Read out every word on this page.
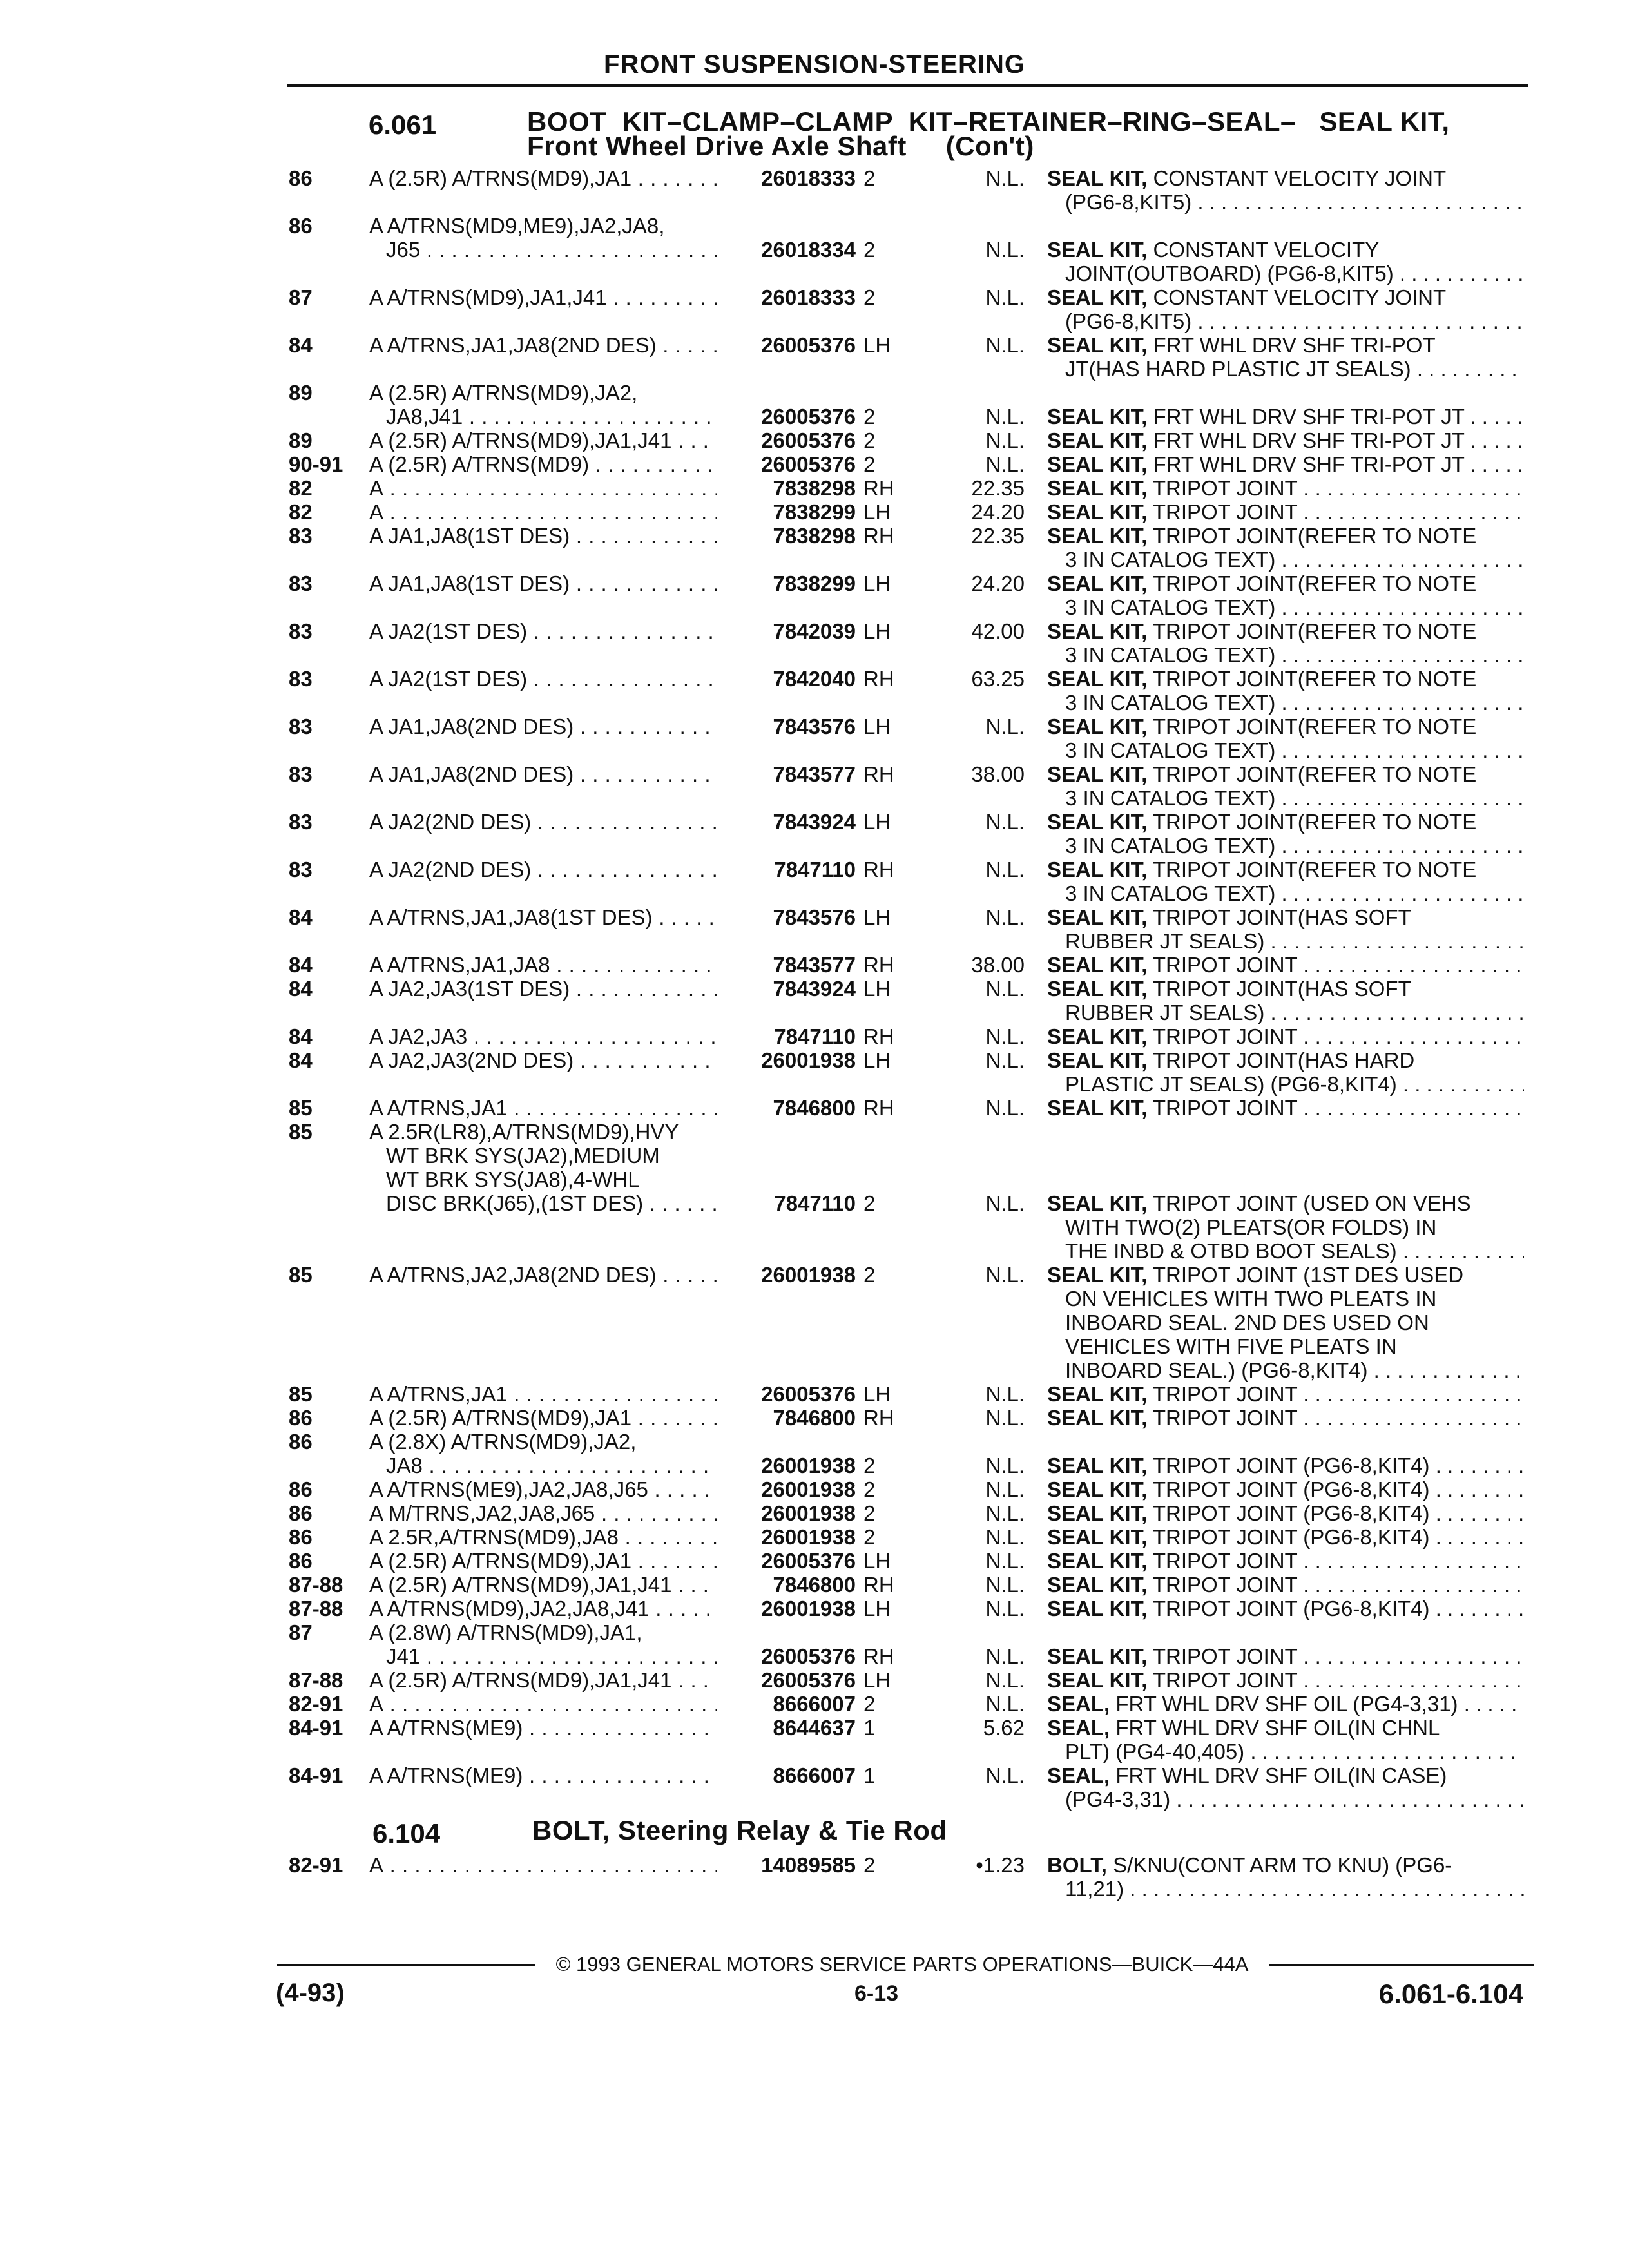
FRONT SUSPENSION-STEERING
6.061	BOOT  KIT–CLAMP–CLAMP  KIT–RETAINER–RING–SEAL–   SEAL KIT,
Front Wheel Drive Axle Shaft     (Con't)
86	A (2.5R) A/TRNS(MD9),JA1 . . .	26018333 2	N.L. SEAL KIT, CONSTANT VELOCITY JOINT
(PG6-8,KIT5) . . .
86	A A/TRNS(MD9,ME9),JA2,JA8,
J65 . . .	26018334 2	N.L. SEAL KIT, CONSTANT VELOCITY
JOINT(OUTBOARD) (PG6-8,KIT5) . . .
87	A A/TRNS(MD9),JA1,J41 . . .	26018333 2	N.L. SEAL KIT, CONSTANT VELOCITY JOINT
(PG6-8,KIT5) . . .
84	A A/TRNS,JA1,JA8(2ND DES) . . .	26005376 LH	N.L. SEAL KIT, FRT WHL DRV SHF TRI-POT
JT(HAS HARD PLASTIC JT SEALS) . . .
89	A (2.5R) A/TRNS(MD9),JA2,
JA8,J41 . . .	26005376 2	N.L. SEAL KIT, FRT WHL DRV SHF TRI-POT JT . . .
89	A (2.5R) A/TRNS(MD9),JA1,J41 . . .	26005376 2	N.L. SEAL KIT, FRT WHL DRV SHF TRI-POT JT . . .
90-91	A (2.5R) A/TRNS(MD9) . . .	26005376 2	N.L. SEAL KIT, FRT WHL DRV SHF TRI-POT JT . . .
82	A . . .	7838298 RH	22.35 SEAL KIT, TRIPOT JOINT . . .
82	A . . .	7838299 LH	24.20 SEAL KIT, TRIPOT JOINT . . .
83	A JA1,JA8(1ST DES) . . .	7838298 RH	22.35 SEAL KIT, TRIPOT JOINT(REFER TO NOTE
3 IN CATALOG TEXT) . . .
83	A JA1,JA8(1ST DES) . . .	7838299 LH	24.20 SEAL KIT, TRIPOT JOINT(REFER TO NOTE
3 IN CATALOG TEXT) . . .
83	A JA2(1ST DES) . . .	7842039 LH	42.00 SEAL KIT, TRIPOT JOINT(REFER TO NOTE
3 IN CATALOG TEXT) . . .
83	A JA2(1ST DES) . . .	7842040 RH	63.25 SEAL KIT, TRIPOT JOINT(REFER TO NOTE
3 IN CATALOG TEXT) . . .
83	A JA1,JA8(2ND DES) . . .	7843576 LH	N.L. SEAL KIT, TRIPOT JOINT(REFER TO NOTE
3 IN CATALOG TEXT) . . .
83	A JA1,JA8(2ND DES) . . .	7843577 RH	38.00 SEAL KIT, TRIPOT JOINT(REFER TO NOTE
3 IN CATALOG TEXT) . . .
83	A JA2(2ND DES) . . .	7843924 LH	N.L. SEAL KIT, TRIPOT JOINT(REFER TO NOTE
3 IN CATALOG TEXT) . . .
83	A JA2(2ND DES) . . .	7847110 RH	N.L. SEAL KIT, TRIPOT JOINT(REFER TO NOTE
3 IN CATALOG TEXT) . . .
84	A A/TRNS,JA1,JA8(1ST DES) . . .	7843576 LH	N.L. SEAL KIT, TRIPOT JOINT(HAS SOFT
RUBBER JT SEALS) . . .
84	A A/TRNS,JA1,JA8 . . .	7843577 RH	38.00 SEAL KIT, TRIPOT JOINT . . .
84	A JA2,JA3(1ST DES) . . .	7843924 LH	N.L. SEAL KIT, TRIPOT JOINT(HAS SOFT
RUBBER JT SEALS) . . .
84	A JA2,JA3 . . .	7847110 RH	N.L. SEAL KIT, TRIPOT JOINT . . .
84	A JA2,JA3(2ND DES) . . .	26001938 LH	N.L. SEAL KIT, TRIPOT JOINT(HAS HARD
PLASTIC JT SEALS) (PG6-8,KIT4) . . .
85	A A/TRNS,JA1 . . .	7846800 RH	N.L. SEAL KIT, TRIPOT JOINT . . .
85	A 2.5R(LR8),A/TRNS(MD9),HVY
WT BRK SYS(JA2),MEDIUM
WT BRK SYS(JA8),4-WHL
DISC BRK(J65),(1ST DES) . . .	7847110 2	N.L. SEAL KIT, TRIPOT JOINT (USED ON VEHS
WITH TWO(2) PLEATS(OR FOLDS) IN
THE INBD & OTBD BOOT SEALS) . . .
85	A A/TRNS,JA2,JA8(2ND DES) . . .	26001938 2	N.L. SEAL KIT, TRIPOT JOINT (1ST DES USED
ON VEHICLES WITH TWO PLEATS IN
INBOARD SEAL. 2ND DES USED ON
VEHICLES WITH FIVE PLEATS IN
INBOARD SEAL.) (PG6-8,KIT4) . . .
85	A A/TRNS,JA1 . . .	26005376 LH	N.L. SEAL KIT, TRIPOT JOINT . . .
86	A (2.5R) A/TRNS(MD9),JA1 . . .	7846800 RH	N.L. SEAL KIT, TRIPOT JOINT . . .
86	A (2.8X) A/TRNS(MD9),JA2,
JA8 . . .	26001938 2	N.L. SEAL KIT, TRIPOT JOINT (PG6-8,KIT4) . . .
86	A A/TRNS(ME9),JA2,JA8,J65 . . .	26001938 2	N.L. SEAL KIT, TRIPOT JOINT (PG6-8,KIT4) . . .
86	A M/TRNS,JA2,JA8,J65 . . .	26001938 2	N.L. SEAL KIT, TRIPOT JOINT (PG6-8,KIT4) . . .
86	A 2.5R,A/TRNS(MD9),JA8 . . .	26001938 2	N.L. SEAL KIT, TRIPOT JOINT (PG6-8,KIT4) . . .
86	A (2.5R) A/TRNS(MD9),JA1 . . .	26005376 LH	N.L. SEAL KIT, TRIPOT JOINT . . .
87-88	A (2.5R) A/TRNS(MD9),JA1,J41 . . .	7846800 RH	N.L. SEAL KIT, TRIPOT JOINT . . .
87-88	A A/TRNS(MD9),JA2,JA8,J41 . . .	26001938 LH	N.L. SEAL KIT, TRIPOT JOINT (PG6-8,KIT4) . . .
87	A (2.8W) A/TRNS(MD9),JA1,
J41 . . .	26005376 RH	N.L. SEAL KIT, TRIPOT JOINT . . .
87-88	A (2.5R) A/TRNS(MD9),JA1,J41 . . .	26005376 LH	N.L. SEAL KIT, TRIPOT JOINT . . .
82-91	A . . .	8666007 2	N.L. SEAL, FRT WHL DRV SHF OIL (PG4-3,31) . . .
84-91	A A/TRNS(ME9) . . .	8644637 1	5.62 SEAL, FRT WHL DRV SHF OIL(IN CHNL
PLT) (PG4-40,405) . . .
84-91	A A/TRNS(ME9) . . .	8666007 1	N.L. SEAL, FRT WHL DRV SHF OIL(IN CASE)
(PG4-3,31) . . .
6.104	BOLT, Steering Relay & Tie Rod
82-91	A . . .	14089585 2	•1.23 BOLT, S/KNU(CONT ARM TO KNU) (PG6-
11,21) . . .
© 1993 GENERAL MOTORS SERVICE PARTS OPERATIONS—BUICK—44A
(4-93)	6-13	6.061-6.104
